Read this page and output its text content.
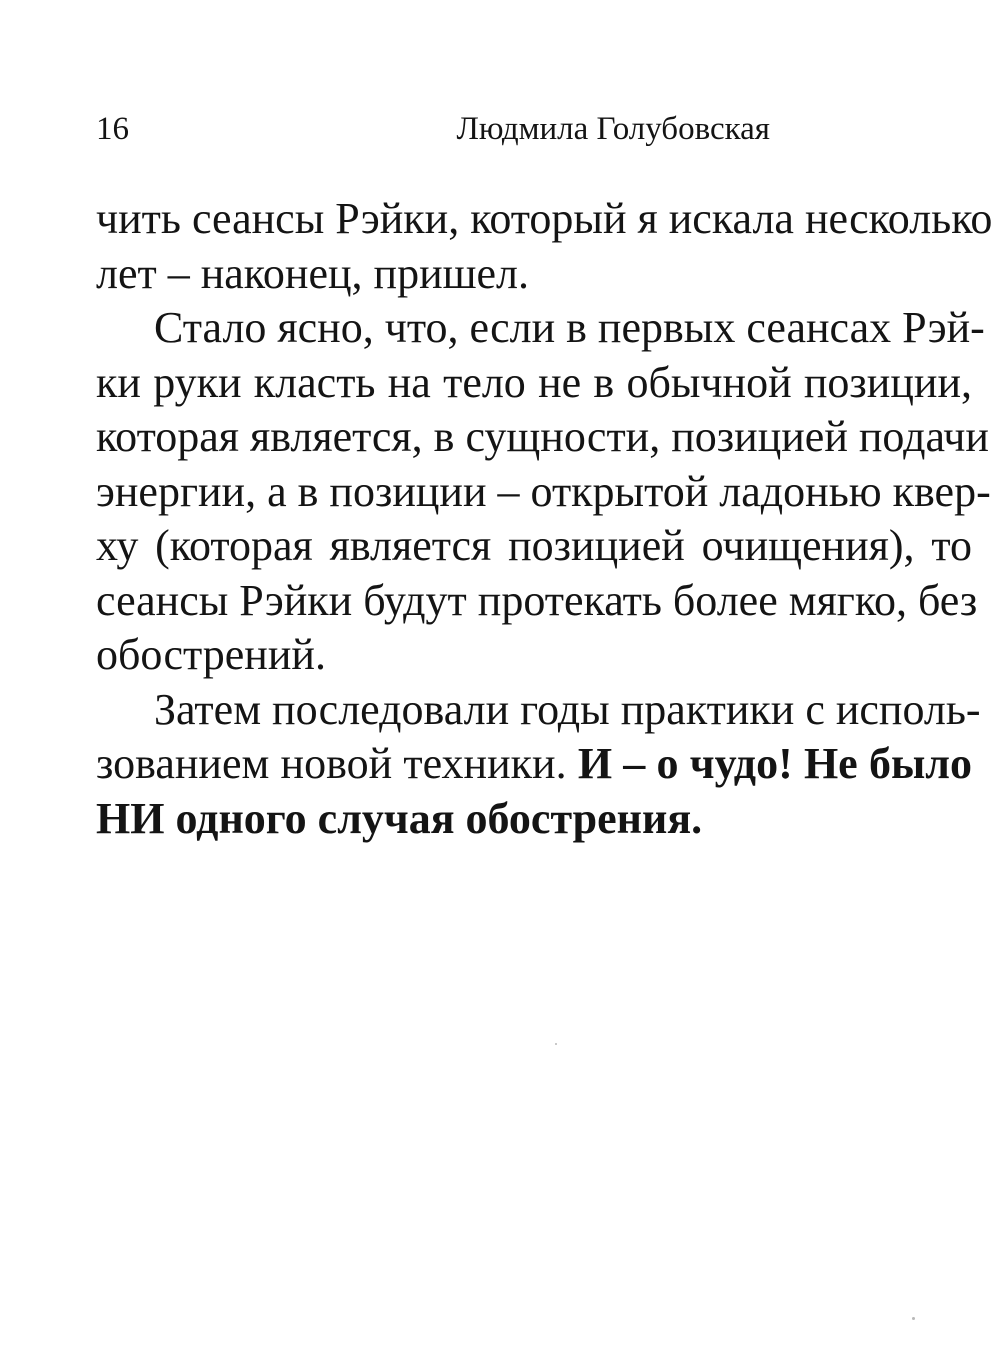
16	Людмила Голубовская
чить сеансы Рэйки, который я искала несколько
лет – наконец, пришел.
Стало ясно, что, если в первых сеансах Рэй-
ки руки класть на тело не в обычной позиции,
которая является, в сущности, позицией подачи
энергии, а в позиции – открытой ладонью квер-
ху (которая является позицией очищения), то
сеансы Рэйки будут протекать более мягко, без
обострений.
Затем последовали годы практики с исполь-
зованием новой техники. И – о чудо! Не было
НИ одного случая обострения.
